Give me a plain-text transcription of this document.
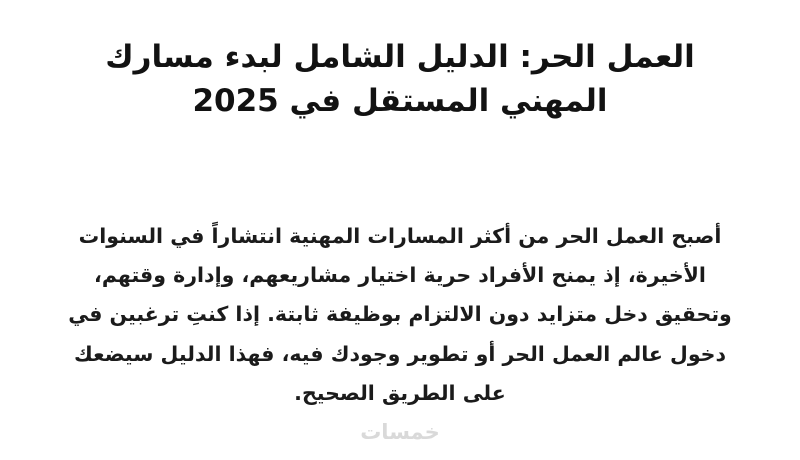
العمل الحر: الدليل الشامل لبدء مسارك المهني المستقل في 2025

أصبح العمل الحر من أكثر المسارات المهنية انتشاراً في السنوات الأخيرة، إذ يمنح الأفراد حرية اختيار مشاريعهم، وإدارة وقتهم، وتحقيق دخل متزايد دون الالتزام بوظيفة ثابتة. إذا كنتِ ترغبين في دخول عالم العمل الحر أو تطوير وجودك فيه، فهذا الدليل سيضعك على الطريق الصحيح.

خمسات
